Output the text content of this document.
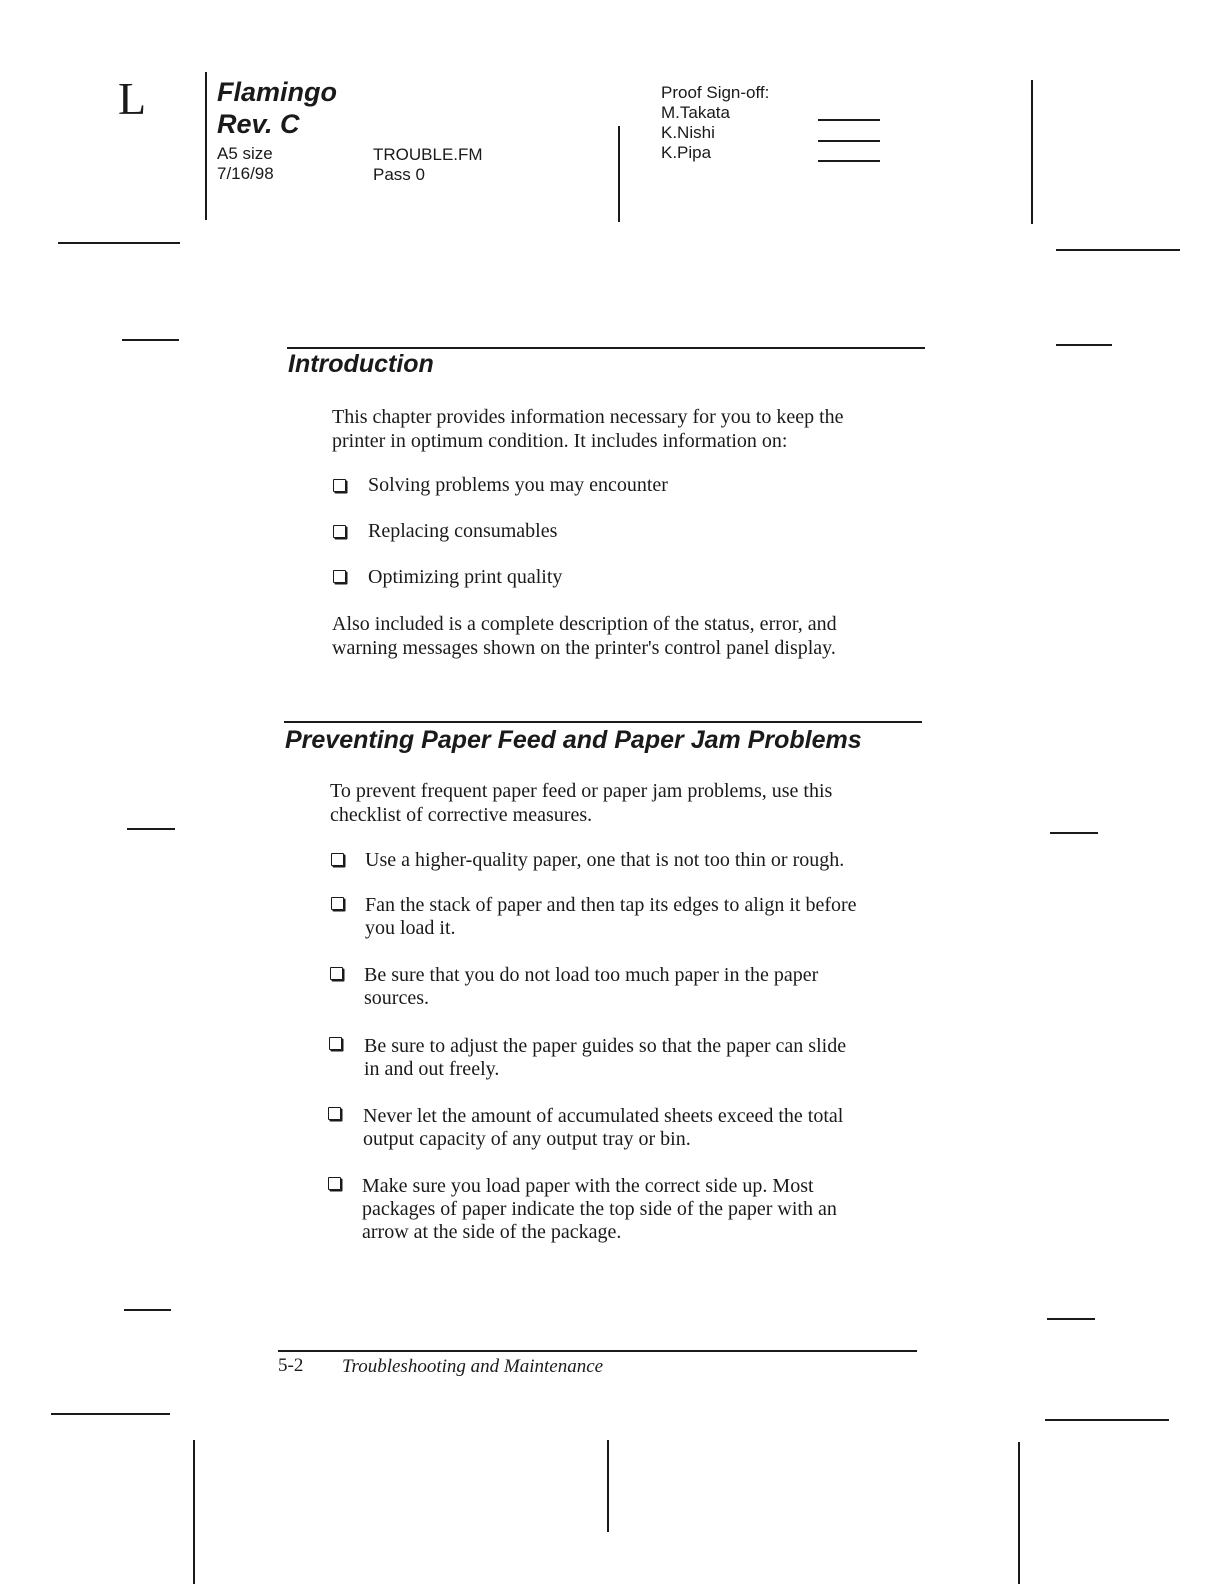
L	Flamingo
Rev. C
A5 size
7/16/98
TROUBLE.FM
Pass 0
Proof Sign-off:
M.Takata
K.Nishi
K.Pipa
Introduction
This chapter provides information necessary for you to keep the
printer in optimum condition. It includes information on:
Solving problems you may encounter
Replacing consumables
Optimizing print quality
Also included is a complete description of the status, error, and
warning messages shown on the printer's control panel display.
Preventing Paper Feed and Paper Jam Problems
To prevent frequent paper feed or paper jam problems, use this
checklist of corrective measures.
Use a higher-quality paper, one that is not too thin or rough.
Fan the stack of paper and then tap its edges to align it before
you load it.
Be sure that you do not load too much paper in the paper
sources.
Be sure to adjust the paper guides so that the paper can slide
in and out freely.
Never let the amount of accumulated sheets exceed the total
output capacity of any output tray or bin.
Make sure you load paper with the correct side up. Most
packages of paper indicate the top side of the paper with an
arrow at the side of the package.
5-2 Troubleshooting and Maintenance
